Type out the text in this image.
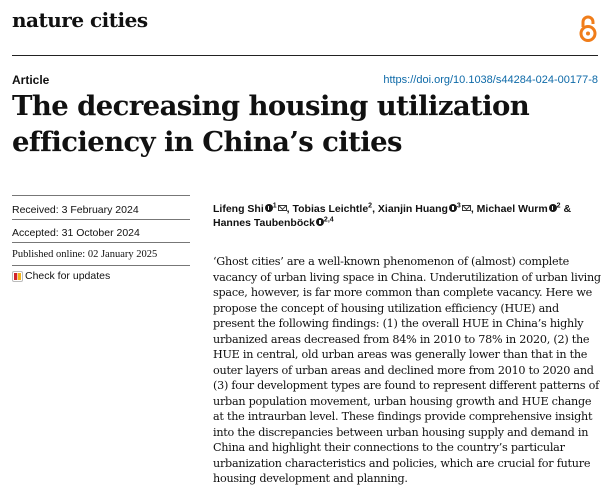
nature cities
Article	https://doi.org/10.1038/s44284-024-00177-8
The decreasing housing utilization efficiency in China’s cities
Received: 3 February 2024
Accepted: 31 October 2024
Published online: 02 January 2025
Check for updates
Lifeng Shi $^1$ , Tobias Leichtle$^2$, Xianjin Huang $^3$ , Michael Wurm $^2$ & Hannes Taubenböck $^{2,4}$

‘Ghost cities’ are a well-known phenomenon of (almost) complete vacancy of urban living space in China. Underutilization of urban living space, however, is far more common than complete vacancy. Here we propose the concept of housing utilization efficiency (HUE) and present the following findings: (1) the overall HUE in China’s highly urbanized areas decreased from 84% in 2010 to 78% in 2020, (2) the HUE in central, old urban areas was generally lower than that in the outer layers of urban areas and declined more from 2010 to 2020 and (3) four development types are found to represent different patterns of urban population movement, urban housing growth and HUE change at the intraurban level. These findings provide comprehensive insight into the discrepancies between urban housing supply and demand in China and highlight their connections to the country’s particular urbanization characteristics and policies, which are crucial for future housing development and planning.
